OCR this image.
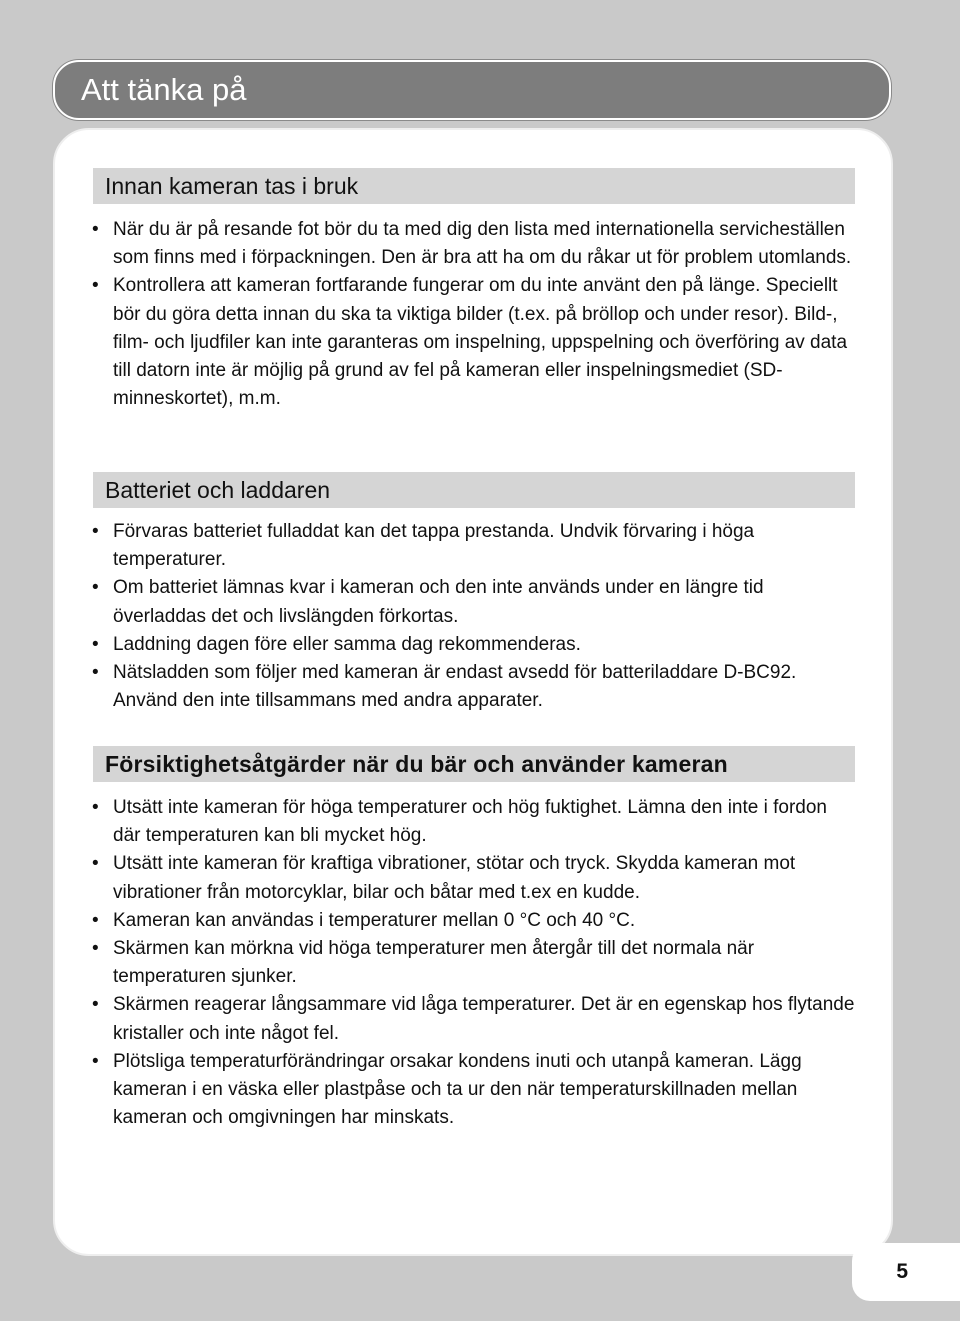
Att tänka på
Innan kameran tas i bruk
• När du är på resande fot bör du ta med dig den lista med internationella servicheställen som finns med i förpackningen. Den är bra att ha om du råkar ut för problem utomlands.
• Kontrollera att kameran fortfarande fungerar om du inte använt den på länge. Speciellt bör du göra detta innan du ska ta viktiga bilder (t.ex. på bröllop och under resor). Bild-, film- och ljudfiler kan inte garanteras om inspelning, uppspelning och överföring av data till datorn inte är möjlig på grund av fel på kameran eller inspelningsmediet (SD-minneskortet), m.m.
Batteriet och laddaren
• Förvaras batteriet fulladdat kan det tappa prestanda. Undvik förvaring i höga temperaturer.
• Om batteriet lämnas kvar i kameran och den inte används under en längre tid överladdas det och livslängden förkortas.
• Laddning dagen före eller samma dag rekommenderas.
• Nätsladden som följer med kameran är endast avsedd för batteriladdare D-BC92. Använd den inte tillsammans med andra apparater.
Försiktighetsåtgärder när du bär och använder kameran
• Utsätt inte kameran för höga temperaturer och hög fuktighet. Lämna den inte i fordon där temperaturen kan bli mycket hög.
• Utsätt inte kameran för kraftiga vibrationer, stötar och tryck. Skydda kameran mot vibrationer från motorcyklar, bilar och båtar med t.ex en kudde.
• Kameran kan användas i temperaturer mellan 0 °C och 40 °C.
• Skärmen kan mörkna vid höga temperaturer men återgår till det normala när temperaturen sjunker.
• Skärmen reagerar långsammare vid låga temperaturer. Det är en egenskap hos flytande kristaller och inte något fel.
• Plötsliga temperaturförändringar orsakar kondens inuti och utanpå kameran. Lägg kameran i en väska eller plastpåse och ta ur den när temperaturskillnaden mellan kameran och omgivningen har minskats.
5
